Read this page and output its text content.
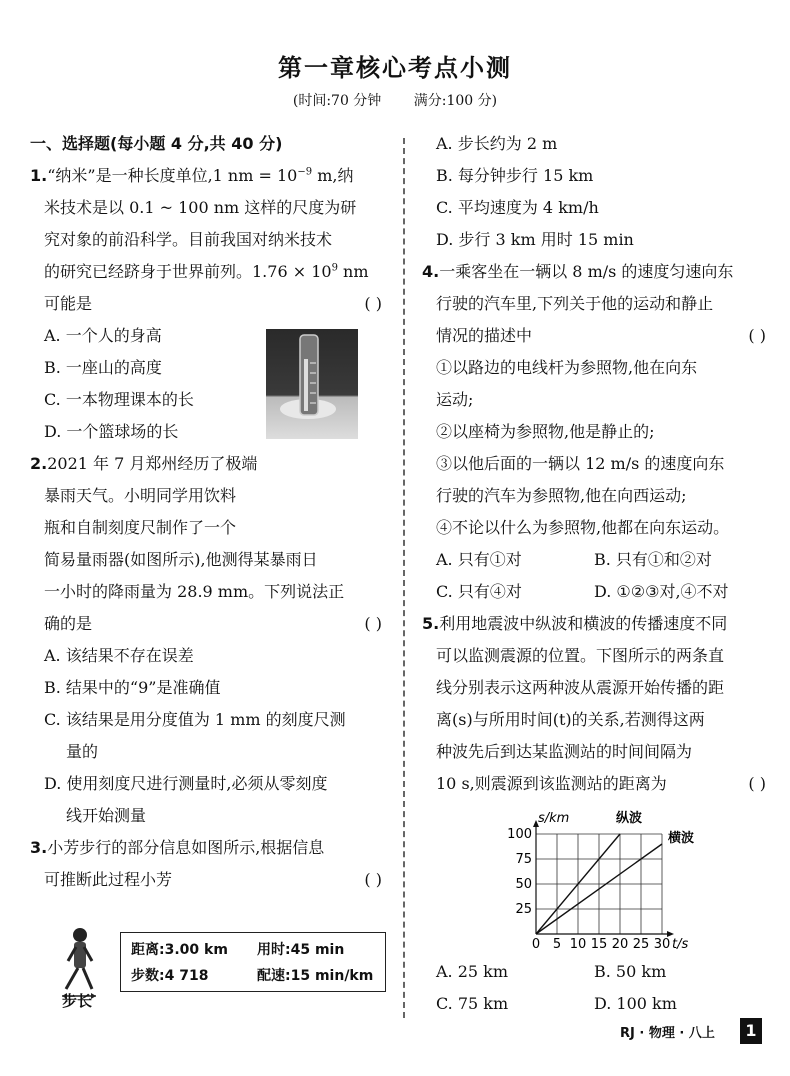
第一章核心考点小测
(时间:70 分钟 满分:100 分)
一、选择题(每小题 4 分,共 40 分)
1.“纳米”是一种长度单位,1 nm = $10^{-9}$ m,纳
米技术是以 0.1 ~ 100 nm 这样的尺度为研
究对象的前沿科学。目前我国对纳米技术
的研究已经跻身于世界前列。$1.76 \times 10^9$ nm
可能是	( )
A. 一个人的身高
B. 一座山的高度
C. 一本物理课本的长
D. 一个篮球场的长
2.2021 年 7 月郑州经历了极端
暴雨天气。小明同学用饮料
瓶和自制刻度尺制作了一个
简易量雨器(如图所示),他测得某暴雨日
一小时的降雨量为 28.9 mm。下列说法正
确的是	( )
A. 该结果不存在误差
B. 结果中的“9”是准确值
C. 该结果是用分度值为 1 mm 的刻度尺测
量的
D. 使用刻度尺进行测量时,必须从零刻度
线开始测量
3.小芳步行的部分信息如图所示,根据信息
可推断此过程小芳	( )
步长
距离:3.00 km 用时:45 min
步数:4 718	配速:15 min/km
A. 步长约为 2 m
B. 每分钟步行 15 km
C. 平均速度为 4 km/h
D. 步行 3 km 用时 15 min
4.一乘客坐在一辆以 8 m/s 的速度匀速向东
行驶的汽车里,下列关于他的运动和静止
情况的描述中	( )
①以路边的电线杆为参照物,他在向东
运动;
②以座椅为参照物,他是静止的;
③以他后面的一辆以 12 m/s 的速度向东
行驶的汽车为参照物,他在向西运动;
④不论以什么为参照物,他都在向东运动。
A. 只有①对	B. 只有①和②对
C. 只有④对	D. ①②③对,④不对
5.利用地震波中纵波和横波的传播速度不同
可以监测震源的位置。下图所示的两条直
线分别表示这两种波从震源开始传播的距
离(s)与所用时间(t)的关系,若测得这两
种波先后到达某监测站的时间间隔为
10 s,则震源到该监测站的距离为	( )
0 5 10 15 20 25 30
25
50
75
100
t/s
s/km	纵波
横波
A. 25 km	B. 50 km
C. 75 km	D. 100 km
RJ · 物理 · 八上	1
